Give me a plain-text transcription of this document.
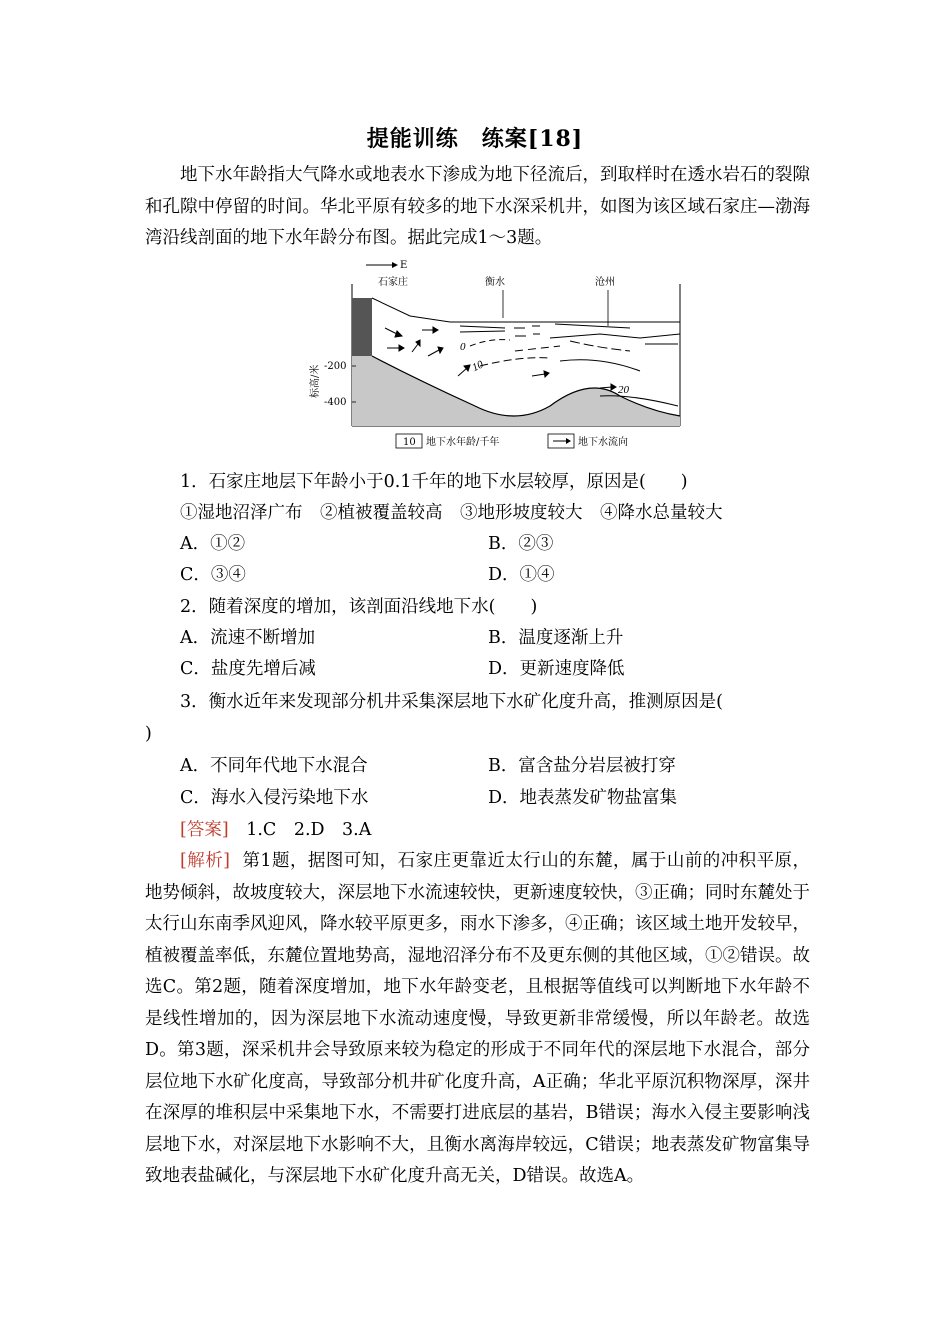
提能训练　练案[18]
地下水年龄指大气降水或地表水下渗成为地下径流后，到取样时在透水岩石的裂隙和孔隙中停留的时间。华北平原有较多的地下水深采机井，如图为该区域石家庄—渤海湾沿线剖面的地下水年龄分布图。据此完成1～3题。
E
石家庄	衡水	沧州
-200
-400
标高/米
0
10
20
10 地下水年龄/千年	地下水流向
1．石家庄地层下年龄小于0.1千年的地下水层较厚，原因是(　　)
①湿地沼泽广布　②植被覆盖较高　③地形坡度较大　④降水总量较大
A．①②	B．②③
C．③④	D．①④
2．随着深度的增加，该剖面沿线地下水(　　)
A．流速不断增加	B．温度逐渐上升
C．盐度先增后减	D．更新速度降低
3．衡水近年来发现部分机井采集深层地下水矿化度升高，推测原因是(
)
A．不同年代地下水混合	B．富含盐分岩层被打穿
C．海水入侵污染地下水	D．地表蒸发矿物盐富集
[答案] 1.C　2.D　3.A
[解析] 第1题，据图可知，石家庄更靠近太行山的东麓，属于山前的冲积平原，地势倾斜，故坡度较大，深层地下水流速较快，更新速度较快，③正确；同时东麓处于太行山东南季风迎风，降水较平原更多，雨水下渗多，④正确；该区域土地开发较早，植被覆盖率低，东麓位置地势高，湿地沼泽分布不及更东侧的其他区域，①②错误。故选C。第2题，随着深度增加，地下水年龄变老，且根据等值线可以判断地下水年龄不是线性增加的，因为深层地下水流动速度慢，导致更新非常缓慢，所以年龄老。故选D。第3题，深采机井会导致原来较为稳定的形成于不同年代的深层地下水混合，部分层位地下水矿化度高，导致部分机井矿化度升高，A正确；华北平原沉积物深厚，深井在深厚的堆积层中采集地下水，不需要打进底层的基岩，B错误；海水入侵主要影响浅层地下水，对深层地下水影响不大，且衡水离海岸较远，C错误；地表蒸发矿物富集导致地表盐碱化，与深层地下水矿化度升高无关，D错误。故选A。
